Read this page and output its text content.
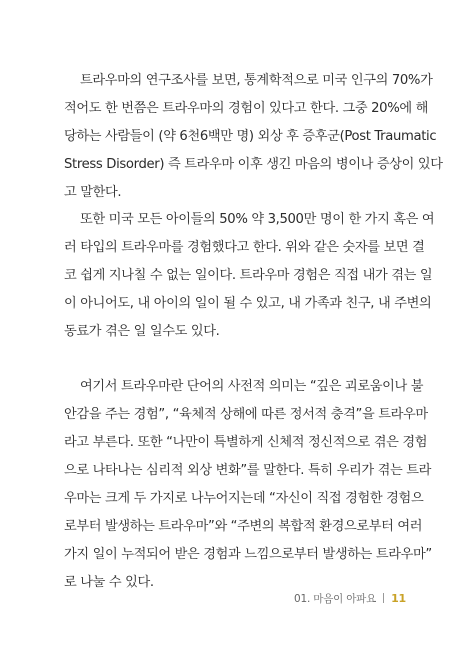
트라우마의 연구조사를 보면, 통계학적으로 미국 인구의 70%가
적어도 한 번쯤은 트라우마의 경험이 있다고 한다. 그중 20%에 해
당하는 사람들이 (약 6천6백만 명) 외상 후 증후군(Post Traumatic
Stress Disorder) 즉 트라우마 이후 생긴 마음의 병이나 증상이 있다
고 말한다.
또한 미국 모든 아이들의 50% 약 3,500만 명이 한 가지 혹은 여
러 타입의 트라우마를 경험했다고 한다. 위와 같은 숫자를 보면 결
코 쉽게 지나칠 수 없는 일이다. 트라우마 경험은 직접 내가 겪는 일
이 아니어도, 내 아이의 일이 될 수 있고, 내 가족과 친구, 내 주변의
동료가 겪은 일 일수도 있다.
여기서 트라우마란 단어의 사전적 의미는 “깊은 괴로움이나 불
안감을 주는 경험”, “육체적 상해에 따른 정서적 충격”을 트라우마
라고 부른다. 또한 “나만이 특별하게 신체적 정신적으로 겪은 경험
으로 나타나는 심리적 외상 변화”를 말한다. 특히 우리가 겪는 트라
우마는 크게 두 가지로 나누어지는데 “자신이 직접 경험한 경험으
로부터 발생하는 트라우마”와 “주변의 복합적 환경으로부터 여러
가지 일이 누적되어 받은 경험과 느낌으로부터 발생하는 트라우마”
로 나눌 수 있다.
01. 마음이 아파요 11
